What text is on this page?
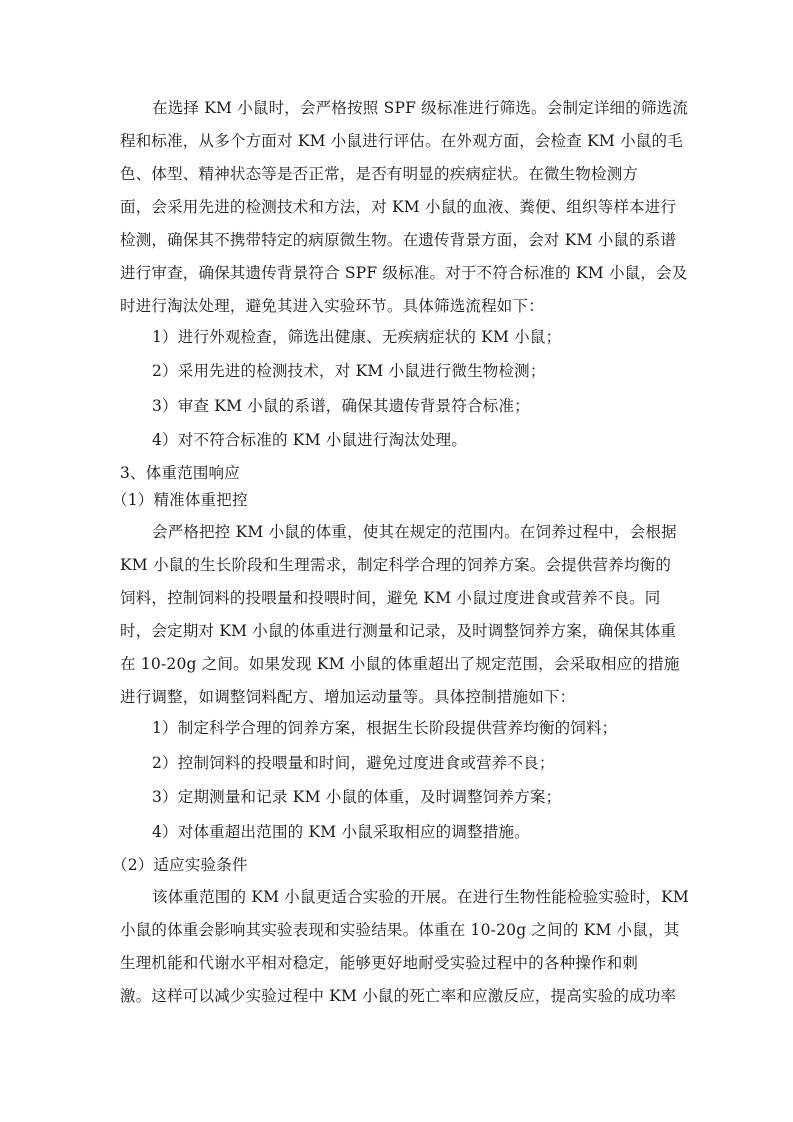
在选择 KM 小鼠时，会严格按照 SPF 级标准进行筛选。会制定详细的筛选流
程和标准，从多个方面对 KM 小鼠进行评估。在外观方面，会检查 KM 小鼠的毛
色、体型、精神状态等是否正常，是否有明显的疾病症状。在微生物检测方
面，会采用先进的检测技术和方法，对 KM 小鼠的血液、粪便、组织等样本进行
检测，确保其不携带特定的病原微生物。在遗传背景方面，会对 KM 小鼠的系谱
进行审查，确保其遗传背景符合 SPF 级标准。对于不符合标准的 KM 小鼠，会及
时进行淘汰处理，避免其进入实验环节。具体筛选流程如下：
1）进行外观检查，筛选出健康、无疾病症状的 KM 小鼠；
2）采用先进的检测技术，对 KM 小鼠进行微生物检测；
3）审查 KM 小鼠的系谱，确保其遗传背景符合标准；
4）对不符合标准的 KM 小鼠进行淘汰处理。
3、体重范围响应
（1）精准体重把控
会严格把控 KM 小鼠的体重，使其在规定的范围内。在饲养过程中，会根据
KM 小鼠的生长阶段和生理需求，制定科学合理的饲养方案。会提供营养均衡的
饲料，控制饲料的投喂量和投喂时间，避免 KM 小鼠过度进食或营养不良。同
时，会定期对 KM 小鼠的体重进行测量和记录，及时调整饲养方案，确保其体重
在 10-20g 之间。如果发现 KM 小鼠的体重超出了规定范围，会采取相应的措施
进行调整，如调整饲料配方、增加运动量等。具体控制措施如下：
1）制定科学合理的饲养方案，根据生长阶段提供营养均衡的饲料；
2）控制饲料的投喂量和时间，避免过度进食或营养不良；
3）定期测量和记录 KM 小鼠的体重，及时调整饲养方案；
4）对体重超出范围的 KM 小鼠采取相应的调整措施。
（2）适应实验条件
该体重范围的 KM 小鼠更适合实验的开展。在进行生物性能检验实验时，KM
小鼠的体重会影响其实验表现和实验结果。体重在 10-20g 之间的 KM 小鼠，其
生理机能和代谢水平相对稳定，能够更好地耐受实验过程中的各种操作和刺
激。这样可以减少实验过程中 KM 小鼠的死亡率和应激反应，提高实验的成功率
